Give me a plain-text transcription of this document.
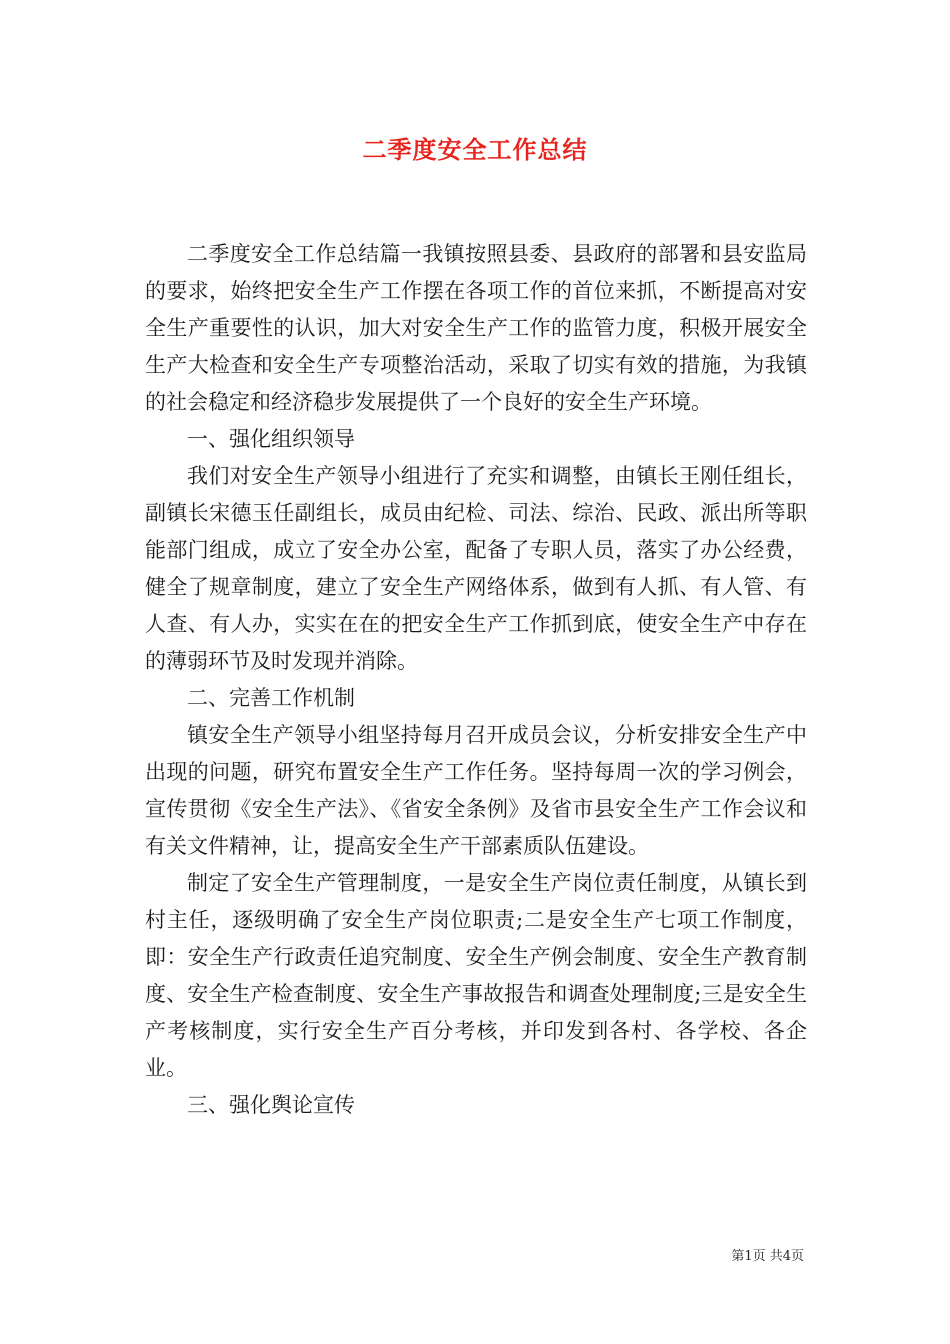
二季度安全工作总结

二季度安全工作总结篇一我镇按照县委、县政府的部署和县安监局的要求，始终把安全生产工作摆在各项工作的首位来抓，不断提高对安全生产重要性的认识，加大对安全生产工作的监管力度，积极开展安全生产大检查和安全生产专项整治活动，采取了切实有效的措施，为我镇的社会稳定和经济稳步发展提供了一个良好的安全生产环境。

一、强化组织领导

我们对安全生产领导小组进行了充实和调整，由镇长王刚任组长，副镇长宋德玉任副组长，成员由纪检、司法、综治、民政、派出所等职能部门组成，成立了安全办公室，配备了专职人员，落实了办公经费，健全了规章制度，建立了安全生产网络体系，做到有人抓、有人管、有人查、有人办，实实在在的把安全生产工作抓到底，使安全生产中存在的薄弱环节及时发现并消除。

二、完善工作机制

镇安全生产领导小组坚持每月召开成员会议，分析安排安全生产中出现的问题，研究布置安全生产工作任务。坚持每周一次的学习例会，宣传贯彻《安全生产法》、《省安全条例》及省市县安全生产工作会议和有关文件精神，让，提高安全生产干部素质队伍建设。

制定了安全生产管理制度，一是安全生产岗位责任制度，从镇长到村主任，逐级明确了安全生产岗位职责;二是安全生产七项工作制度，即：安全生产行政责任追究制度、安全生产例会制度、安全生产教育制度、安全生产检查制度、安全生产事故报告和调查处理制度;三是安全生产考核制度，实行安全生产百分考核，并印发到各村、各学校、各企业。

三、强化舆论宣传

第1页 共4页
